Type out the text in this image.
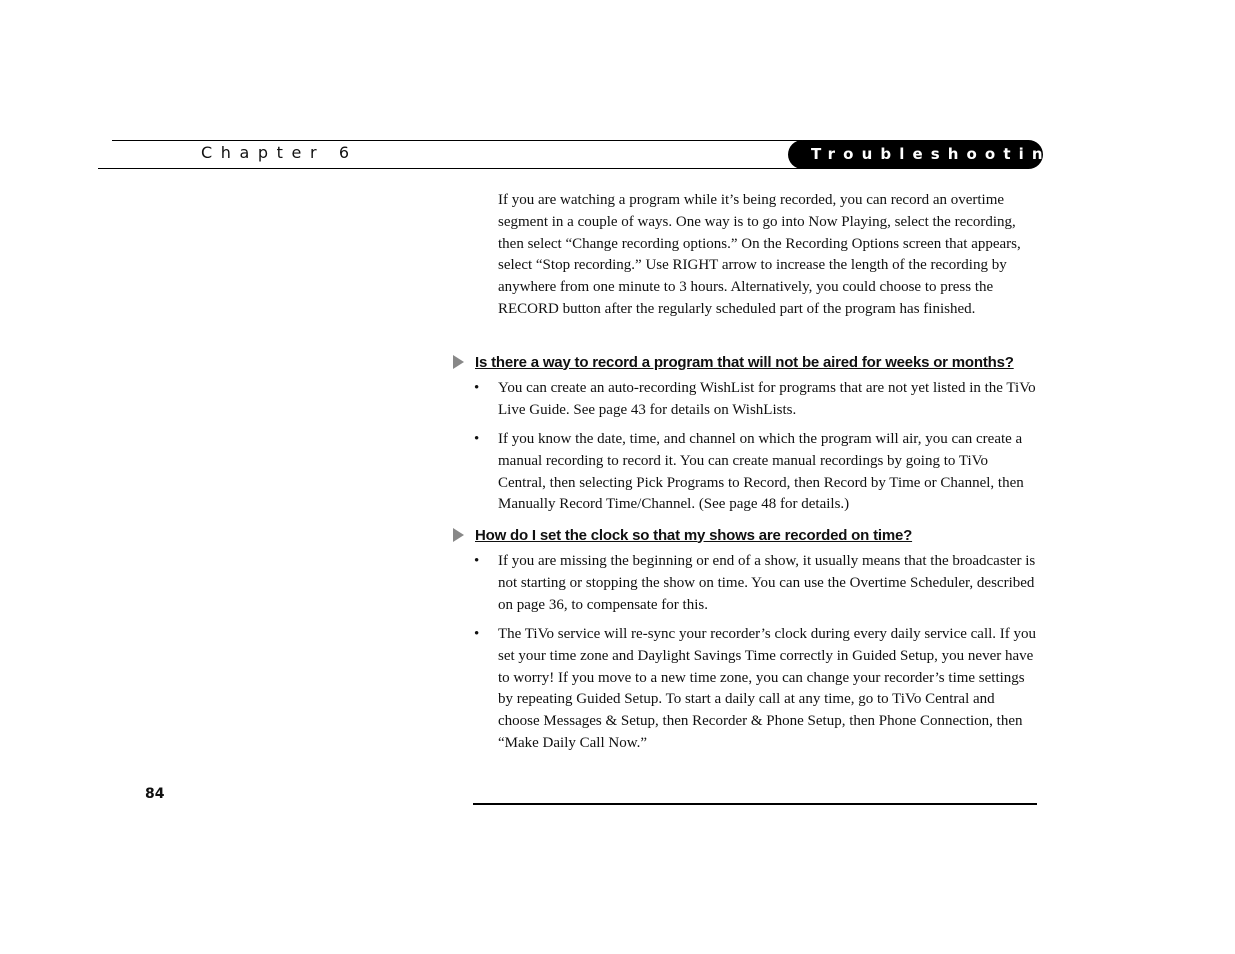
Chapter 6	Troubleshooting
If you are watching a program while it’s being recorded, you can record an overtime segment in a couple of ways. One way is to go into Now Playing, select the recording, then select “Change recording options.” On the Recording Options screen that appears, select “Stop recording.” Use RIGHT arrow to increase the length of the recording by anywhere from one minute to 3 hours. Alternatively, you could choose to press the RECORD button after the regularly scheduled part of the program has finished.
Is there a way to record a program that will not be aired for weeks or months?
• You can create an auto-recording WishList for programs that are not yet listed in the TiVo Live Guide. See page 43 for details on WishLists.
• If you know the date, time, and channel on which the program will air, you can create a manual recording to record it. You can create manual recordings by going to TiVo Central, then selecting Pick Programs to Record, then Record by Time or Channel, then Manually Record Time/Channel. (See page 48 for details.)
How do I set the clock so that my shows are recorded on time?
• If you are missing the beginning or end of a show, it usually means that the broadcaster is not starting or stopping the show on time. You can use the Overtime Scheduler, described on page 36, to compensate for this.
• The TiVo service will re-sync your recorder’s clock during every daily service call. If you set your time zone and Daylight Savings Time correctly in Guided Setup, you never have to worry! If you move to a new time zone, you can change your recorder’s time settings by repeating Guided Setup. To start a daily call at any time, go to TiVo Central and choose Messages & Setup, then Recorder & Phone Setup, then Phone Connection, then “Make Daily Call Now.”
84
